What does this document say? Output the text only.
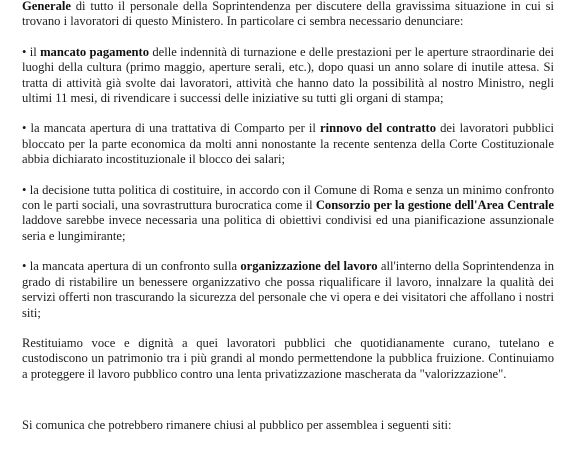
Generale di tutto il personale della Soprintendenza per discutere della gravissima situazione in cui si trovano i lavoratori di questo Ministero. In particolare ci sembra necessario denunciare:

• il mancato pagamento delle indennità di turnazione e delle prestazioni per le aperture straordinarie dei luoghi della cultura (primo maggio, aperture serali, etc.), dopo quasi un anno solare di inutile attesa. Si tratta di attività già svolte dai lavoratori, attività che hanno dato la possibilità al nostro Ministro, negli ultimi 11 mesi, di rivendicare i successi delle iniziative su tutti gli organi di stampa;

• la mancata apertura di una trattativa di Comparto per il rinnovo del contratto dei lavoratori pubblici bloccato per la parte economica da molti anni nonostante la recente sentenza della Corte Costituzionale abbia dichiarato incostituzionale il blocco dei salari;

• la decisione tutta politica di costituire, in accordo con il Comune di Roma e senza un minimo confronto con le parti sociali, una sovrastruttura burocratica come il Consorzio per la gestione dell'Area Centrale laddove sarebbe invece necessaria una politica di obiettivi condivisi ed una pianificazione assunzionale seria e lungimirante;

• la mancata apertura di un confronto sulla organizzazione del lavoro all'interno della Soprintendenza in grado di ristabilire un benessere organizzativo che possa riqualificare il lavoro, innalzare la qualità dei servizi offerti non trascurando la sicurezza del personale che vi opera e dei visitatori che affollano i nostri siti;

Restituiamo voce e dignità a quei lavoratori pubblici che quotidianamente curano, tutelano e custodiscono un patrimonio tra i più grandi al mondo permettendone la pubblica fruizione. Continuiamo a proteggere il lavoro pubblico contro una lenta privatizzazione mascherata da "valorizzazione".

Si comunica che potrebbero rimanere chiusi al pubblico per assemblea i seguenti siti:
